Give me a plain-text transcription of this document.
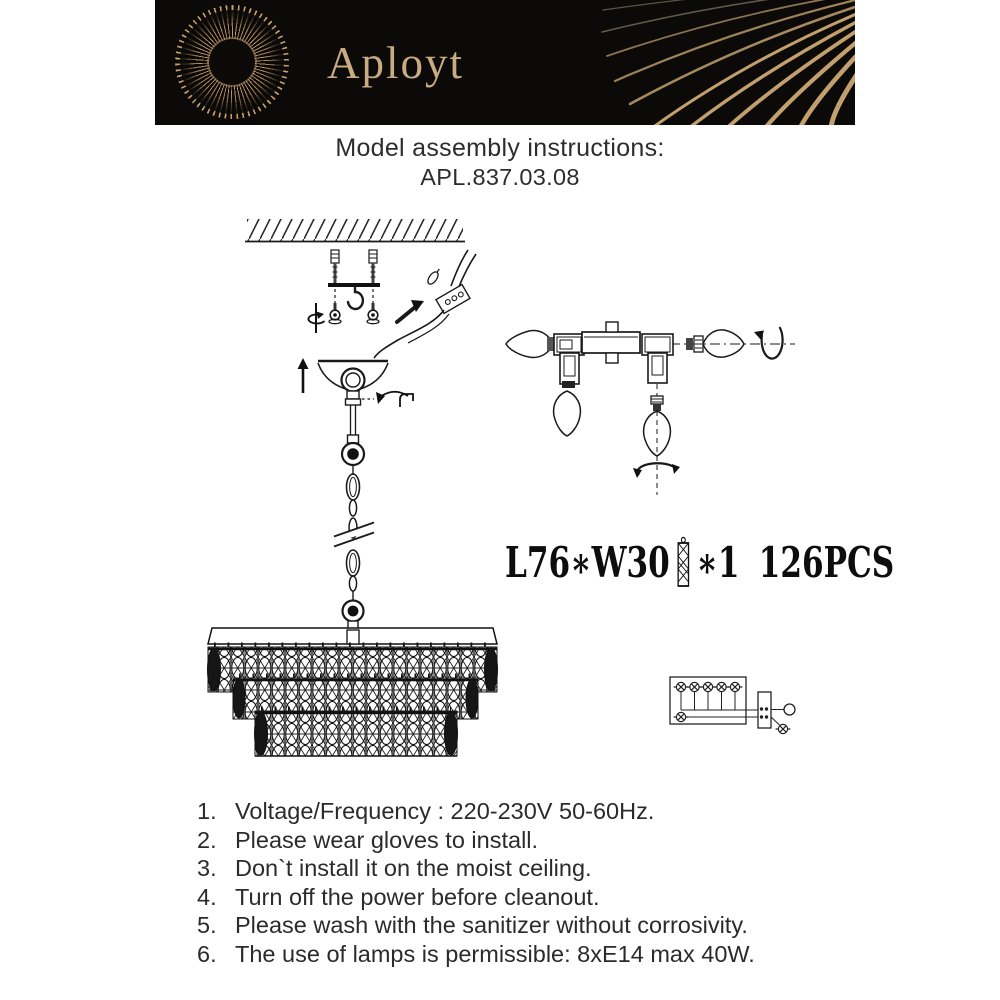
Aployt
Model assembly instructions:
APL.837.03.08
L76∗W30 ∗1 126PCS
1. Voltage/Frequency : 220-230V 50-60Hz.
2. Please wear gloves to install.
3. Don`t install it on the moist ceiling.
4. Turn off the power before cleanout.
5. Please wash with the sanitizer without corrosivity.
6. The use of lamps is permissible: 8xE14 max 40W.
